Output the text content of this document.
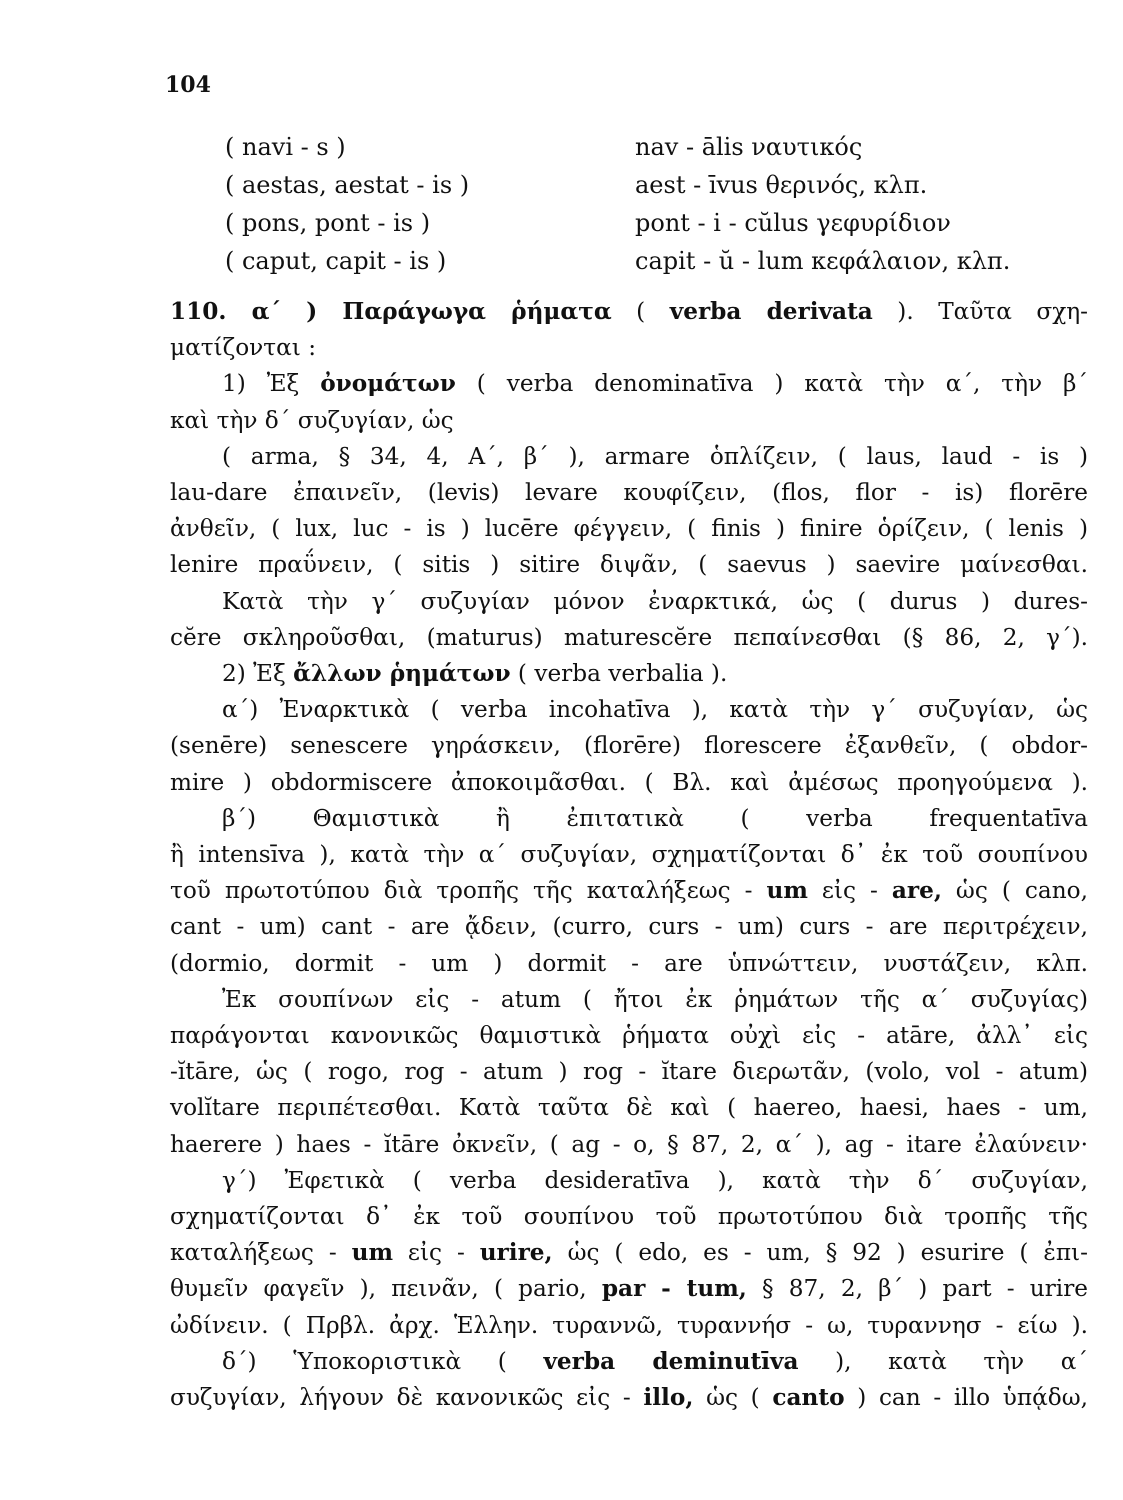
104
( navi - s )	nav - ālis ναυτικός
( aestas, aestat - is )	aest - īvus θερινός, κλπ.
( pons, pont - is )	pont - i - cŭlus γεφυρίδιον
( caput, capit - is )	capit - ŭ - lum κεφάλαιον, κλπ.

110. α΄ ) Παράγωγα ῥήματα ( verba derivata ). Ταῦτα σχη-

ματίζονται :

1) Ἐξ ὀνομάτων ( verba denominatīva ) κατὰ τὴν α΄, τὴν β΄

καὶ τὴν δ΄ συζυγίαν, ὡς

( arma, § 34, 4, A΄, β΄ ), armare ὁπλίζειν, ( laus, laud - is )

lau-dare ἐπαινεῖν, (levis) levare κουφίζειν, (flos, flor - is) florēre

ἀνθεῖν, ( lux, luc - is ) lucēre φέγγειν, ( finis ) finire ὁρίζειν, ( lenis )

lenire πραΰνειν, ( sitis ) sitire διψᾶν, ( saevus ) saevire μαίνεσθαι.

Κατὰ τὴν γ΄ συζυγίαν μόνον ἐναρκτικά, ὡς ( durus ) dures-

cĕre σκληροῦσθαι, (maturus) maturescĕre πεπαίνεσθαι (§ 86, 2, γ΄).

2) Ἐξ ἄλλων ῥημάτων ( verba verbalia ).

α΄) Ἐναρκτικὰ ( verba incohatīva ), κατὰ τὴν γ΄ συζυγίαν, ὡς

(senēre) senescere γηράσκειν, (florēre) florescere ἐξανθεῖν, ( obdor-

mire ) obdormiscere ἀποκοιμᾶσθαι. ( Βλ. καὶ ἀμέσως προηγούμενα ).

β΄) Θαμιστικὰ ἢ ἐπιτατικὰ ( verba frequentatīva

ἢ intensīva ), κατὰ τὴν α΄ συζυγίαν, σχηματίζονται δ᾽ ἐκ τοῦ σουπίνου

τοῦ πρωτοτύπου διὰ τροπῆς τῆς καταλήξεως - um εἰς - are, ὡς ( cano,

cant - um) cant - are ᾄδειν, (curro, curs - um) curs - are περιτρέχειν,

(dormio, dormit - um ) dormit - are ὑπνώττειν, νυστάζειν, κλπ.

Ἐκ σουπίνων εἰς - atum ( ἤτοι ἐκ ῥημάτων τῆς α΄ συζυγίας)

παράγονται κανονικῶς θαμιστικὰ ῥήματα οὐχὶ εἰς - atāre, ἀλλ᾽ εἰς

-ĭtāre, ὡς ( rogo, rog - atum ) rog - ĭtare διερωτᾶν, (volo, vol - atum)

volĭtare περιπέτεσθαι. Κατὰ ταῦτα δὲ καὶ ( haereo, haesi, haes - um,

haerere ) haes - ĭtāre ὀκνεῖν, ( ag - o, § 87, 2, α΄ ), ag - itare ἐλαύνειν·

γ΄) Ἐφετικὰ ( verba desideratīva ), κατὰ τὴν δ΄ συζυγίαν,

σχηματίζονται δ᾽ ἐκ τοῦ σουπίνου τοῦ πρωτοτύπου διὰ τροπῆς τῆς

καταλήξεως - um εἰς - urire, ὡς ( edo, es - um, § 92 ) esurire ( ἐπι-

θυμεῖν φαγεῖν ), πεινᾶν, ( pario, par - tum, § 87, 2, β΄ ) part - urire

ὠδίνειν. ( Πρβλ. ἀρχ. Ἑλλην. τυραννῶ, τυραννήσ - ω, τυραννησ - είω ).

δ΄) Ὑποκοριστικὰ ( verba deminutīva ), κατὰ τὴν α΄

συζυγίαν, λήγουν δὲ κανονικῶς εἰς - illo, ὡς ( canto ) can - illo ὑπᾴδω,
